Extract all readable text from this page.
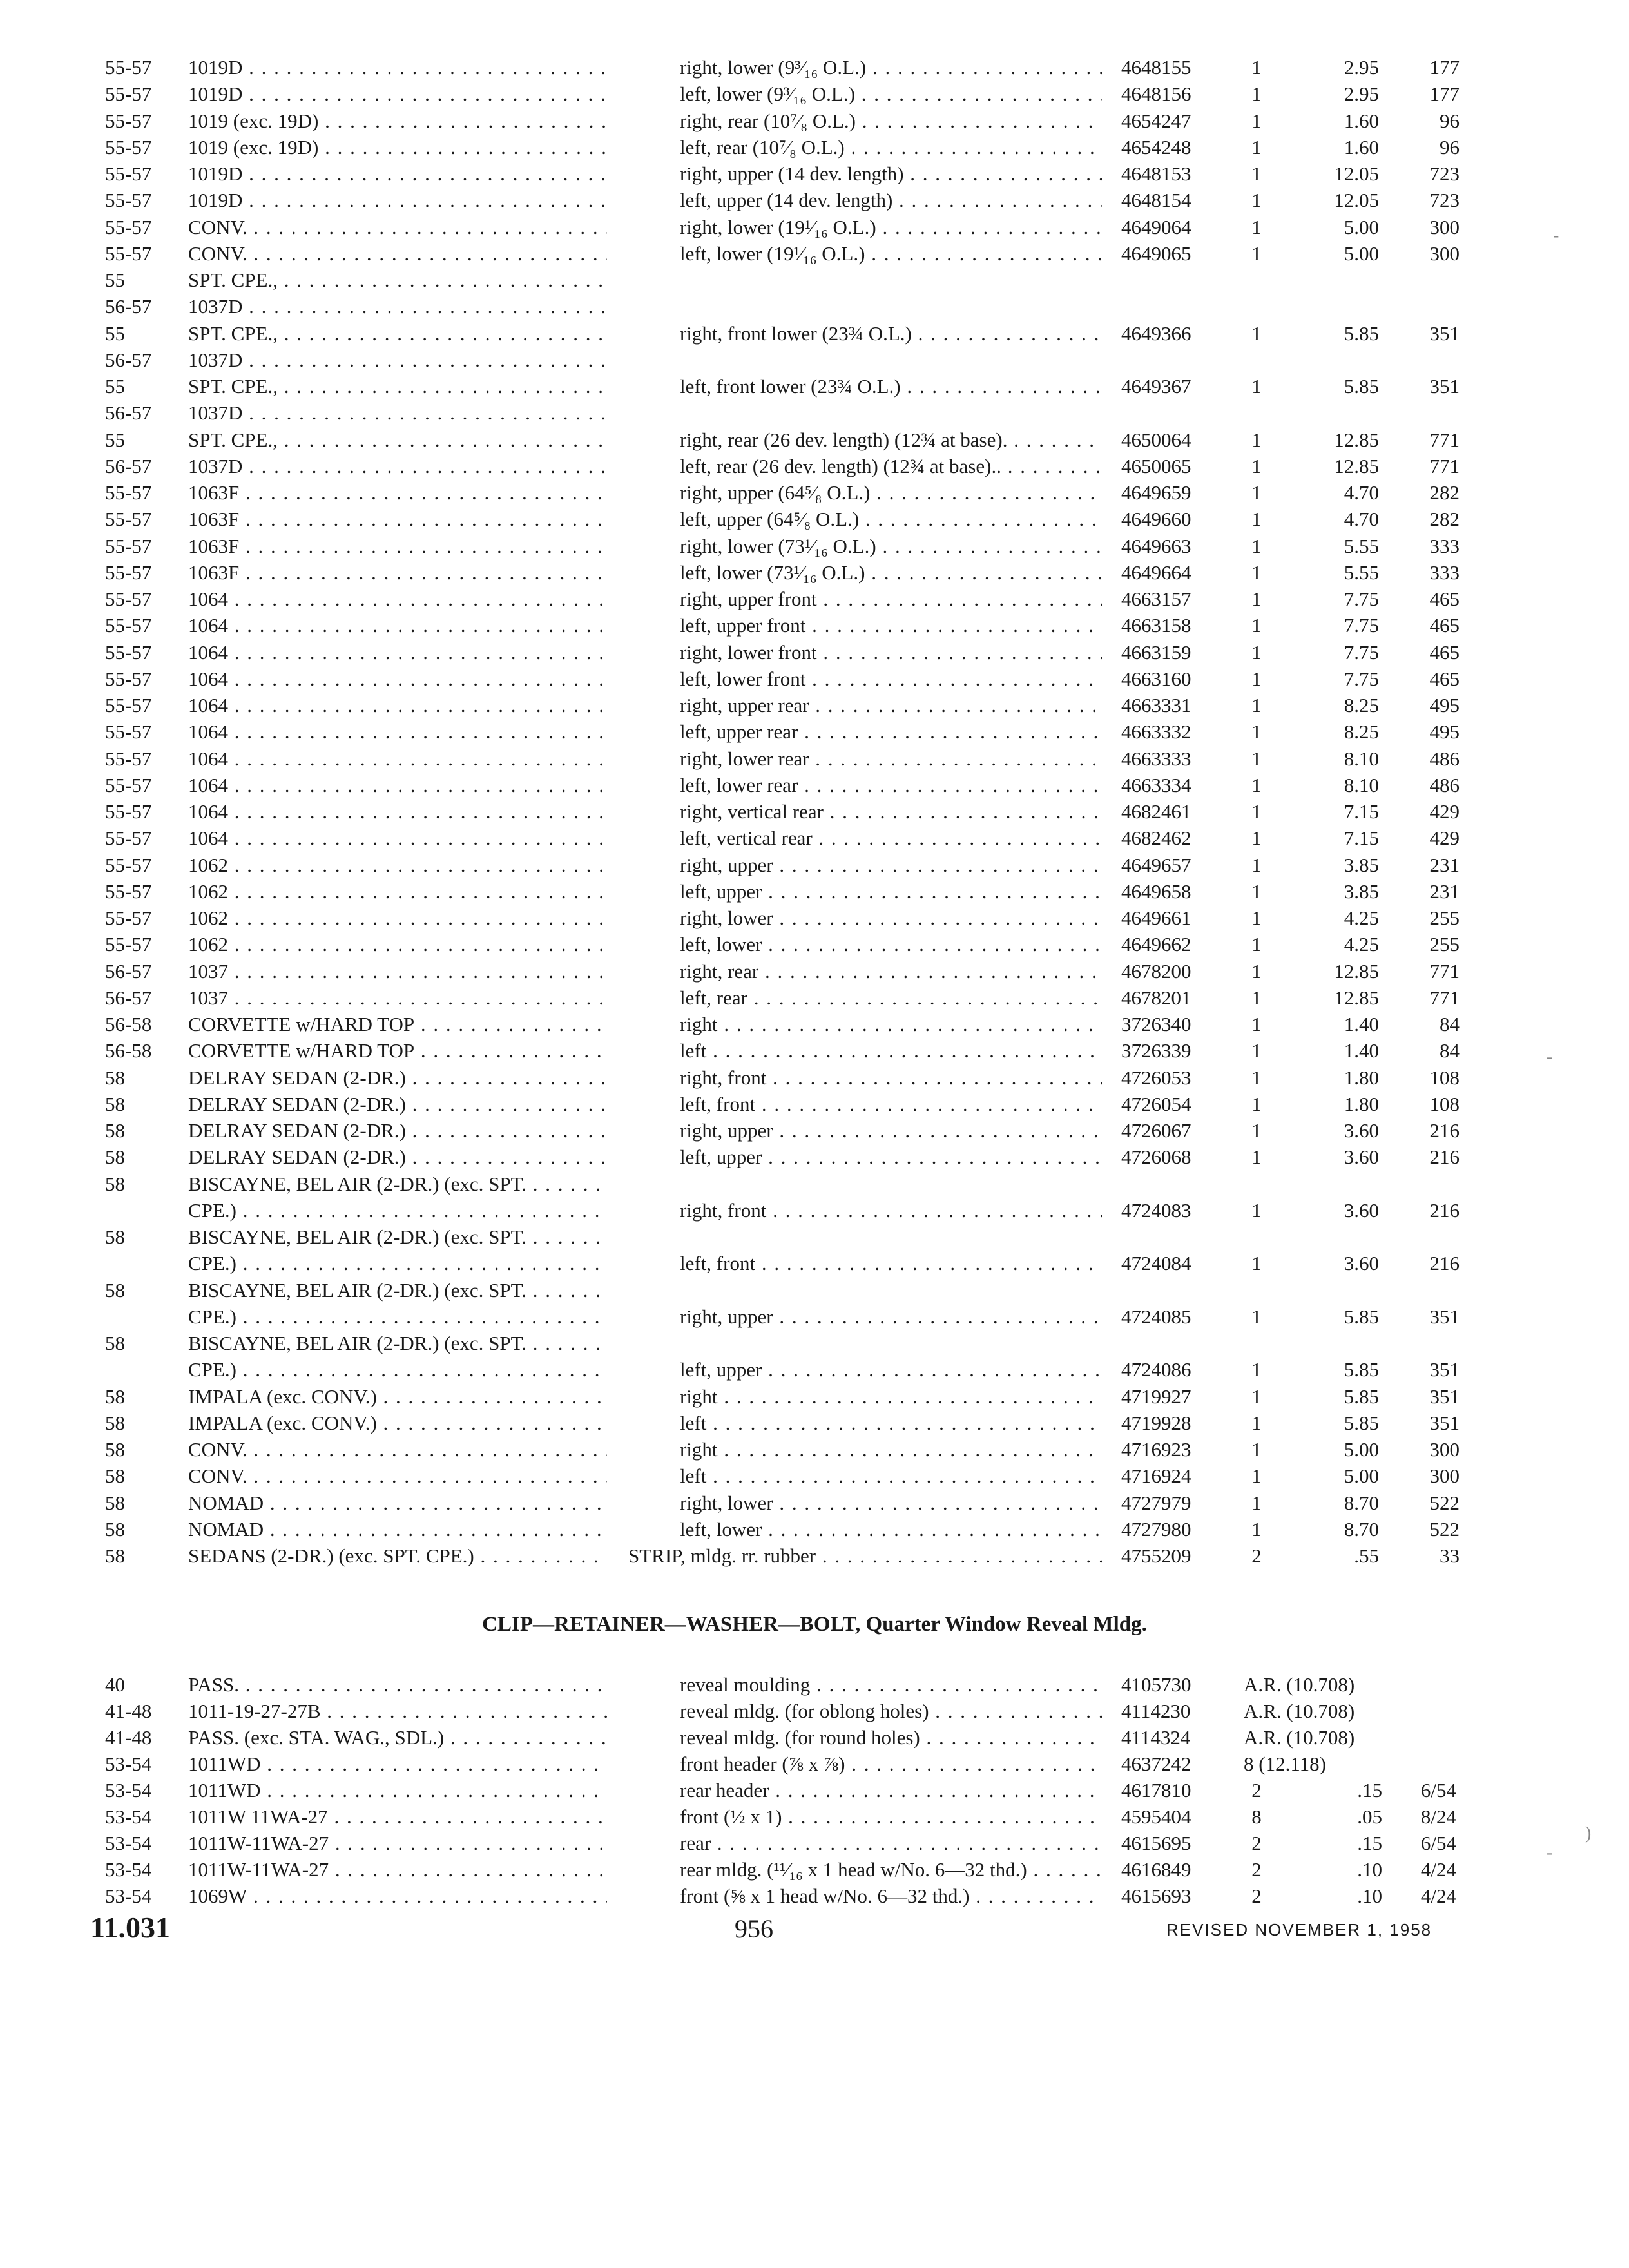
55-57	1019D . . .	right, lower (9³⁄₁₆ O.L.) . . .	4648155	1	2.95	177
55-57	1019D . . .	left, lower (9³⁄₁₆ O.L.) . . .	4648156	1	2.95	177
55-57	1019 (exc. 19D) . . .	right, rear (10⁷⁄₈ O.L.) . . .	4654247	1	1.60	96
55-57	1019 (exc. 19D) . . .	left, rear (10⁷⁄₈ O.L.) . . .	4654248	1	1.60	96
55-57	1019D . . .	right, upper (14 dev. length) . . .	4648153	1	12.05	723
55-57	1019D . . .	left, upper (14 dev. length) . . .	4648154	1	12.05	723
55-57	CONV. . . .	right, lower (19¹⁄₁₆ O.L.) . . .	4649064	1	5.00	300
55-57	CONV. . . .	left, lower (19¹⁄₁₆ O.L.) . . .	4649065	1	5.00	300
55	SPT. CPE., . . .
56-57	1037D . . .
55	SPT. CPE., . . .	right, front lower (23¾ O.L.) . . .	4649366	1	5.85	351
56-57	1037D . . .
55	SPT. CPE., . . .	left, front lower (23¾ O.L.) . . .	4649367	1	5.85	351
56-57	1037D . . .
55	SPT. CPE., . . .	right, rear (26 dev. length) (12¾ at base). . . .	4650064	1	12.85	771
56-57	1037D . . .	left, rear (26 dev. length) (12¾ at base).. . . .	4650065	1	12.85	771
55-57	1063F . . .	right, upper (64⁵⁄₈ O.L.) . . .	4649659	1	4.70	282
55-57	1063F . . .	left, upper (64⁵⁄₈ O.L.) . . .	4649660	1	4.70	282
55-57	1063F . . .	right, lower (73¹⁄₁₆ O.L.) . . .	4649663	1	5.55	333
55-57	1063F . . .	left, lower (73¹⁄₁₆ O.L.) . . .	4649664	1	5.55	333
55-57	1064 . . .	right, upper front . . .	4663157	1	7.75	465
55-57	1064 . . .	left, upper front . . .	4663158	1	7.75	465
55-57	1064 . . .	right, lower front . . .	4663159	1	7.75	465
55-57	1064 . . .	left, lower front . . .	4663160	1	7.75	465
55-57	1064 . . .	right, upper rear . . .	4663331	1	8.25	495
55-57	1064 . . .	left, upper rear . . .	4663332	1	8.25	495
55-57	1064 . . .	right, lower rear . . .	4663333	1	8.10	486
55-57	1064 . . .	left, lower rear . . .	4663334	1	8.10	486
55-57	1064 . . .	right, vertical rear . . .	4682461	1	7.15	429
55-57	1064 . . .	left, vertical rear . . .	4682462	1	7.15	429
55-57	1062 . . .	right, upper . . .	4649657	1	3.85	231
55-57	1062 . . .	left, upper . . .	4649658	1	3.85	231
55-57	1062 . . .	right, lower . . .	4649661	1	4.25	255
55-57	1062 . . .	left, lower . . .	4649662	1	4.25	255
56-57	1037 . . .	right, rear . . .	4678200	1	12.85	771
56-57	1037 . . .	left, rear . . .	4678201	1	12.85	771
56-58	CORVETTE w/HARD TOP . . .	right . . .	3726340	1	1.40	84
56-58	CORVETTE w/HARD TOP . . .	left . . .	3726339	1	1.40	84
58	DELRAY SEDAN (2-DR.) . . .	right, front . . .	4726053	1	1.80	108
58	DELRAY SEDAN (2-DR.) . . .	left, front . . .	4726054	1	1.80	108
58	DELRAY SEDAN (2-DR.) . . .	right, upper . . .	4726067	1	3.60	216
58	DELRAY SEDAN (2-DR.) . . .	left, upper . . .	4726068	1	3.60	216
58	BISCAYNE, BEL AIR (2-DR.) (exc. SPT. . . .
CPE.) . . .	right, front . . .	4724083	1	3.60	216
58	BISCAYNE, BEL AIR (2-DR.) (exc. SPT. . . .
CPE.) . . .	left, front . . .	4724084	1	3.60	216
58	BISCAYNE, BEL AIR (2-DR.) (exc. SPT. . . .
CPE.) . . .	right, upper . . .	4724085	1	5.85	351
58	BISCAYNE, BEL AIR (2-DR.) (exc. SPT. . . .
CPE.) . . .	left, upper . . .	4724086	1	5.85	351
58	IMPALA (exc. CONV.) . . .	right . . .	4719927	1	5.85	351
58	IMPALA (exc. CONV.) . . .	left . . .	4719928	1	5.85	351
58	CONV. . . .	right . . .	4716923	1	5.00	300
58	CONV. . . .	left . . .	4716924	1	5.00	300
58	NOMAD . . .	right, lower . . .	4727979	1	8.70	522
58	NOMAD . . .	left, lower . . .	4727980	1	8.70	522
58	SEDANS (2-DR.) (exc. SPT. CPE.) . . .	STRIP, mldg. rr. rubber . . .	4755209	2	.55	33
CLIP—RETAINER—WASHER—BOLT, Quarter Window Reveal Mldg.
40	PASS. . . .	reveal moulding . . .	4105730	A.R. (10.708)
41-48	1011-19-27-27B . . .	reveal mldg. (for oblong holes) . . .	4114230	A.R. (10.708)
41-48	PASS. (exc. STA. WAG., SDL.) . . .	reveal mldg. (for round holes) . . .	4114324	A.R. (10.708)
53-54	1011WD . . .	front header (⅞ x ⅞) . . .	4637242	8 (12.118)
53-54	1011WD . . .	rear header . . .	4617810	2	.15	6/54
53-54	1011W 11WA-27 . . .	front (½ x 1) . . .	4595404	8	.05	8/24
53-54	1011W-11WA-27 . . .	rear . . .	4615695	2	.15	6/54
53-54	1011W-11WA-27 . . .	rear mldg. (¹¹⁄₁₆ x 1 head w/No. 6—32 thd.) . . .	4616849	2	.10	4/24
53-54	1069W . . .	front (⅝ x 1 head w/No. 6—32 thd.) . . .	4615693	2	.10	4/24
11.031	956	REVISED NOVEMBER 1, 1958
-
-
)
-
